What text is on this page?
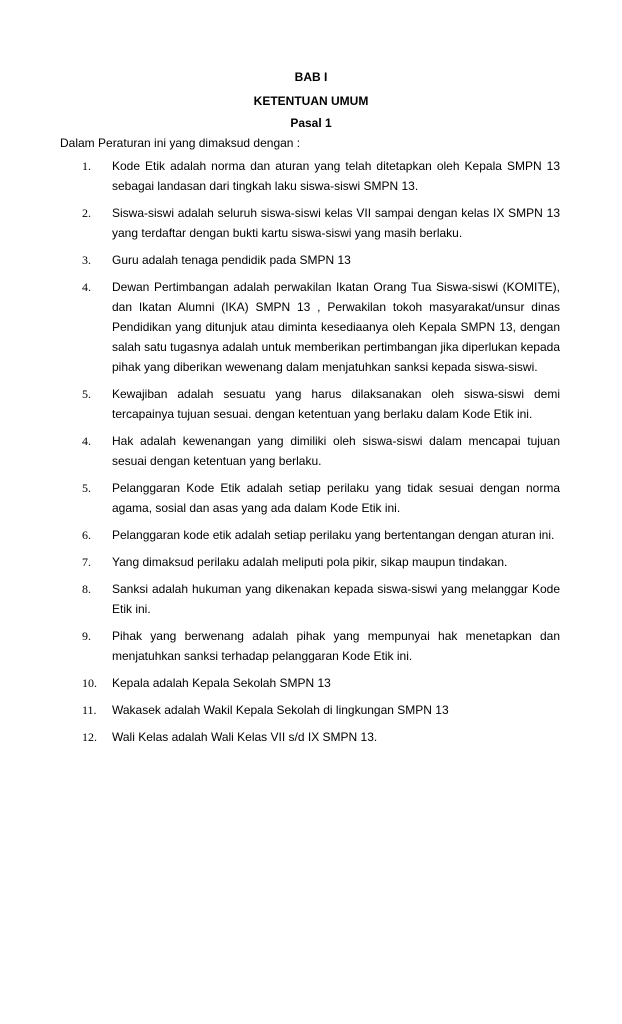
BAB I
KETENTUAN UMUM
Pasal 1
Dalam Peraturan ini yang dimaksud dengan :
1.	Kode Etik adalah norma dan aturan yang telah ditetapkan oleh Kepala SMPN 13 sebagai landasan dari tingkah laku siswa-siswi SMPN 13.
2.	Siswa-siswi adalah seluruh siswa-siswi kelas VII sampai dengan kelas IX SMPN 13 yang terdaftar dengan bukti kartu siswa-siswi yang masih berlaku.
3.	Guru adalah tenaga pendidik pada SMPN 13
4.	Dewan Pertimbangan adalah perwakilan Ikatan Orang Tua Siswa-siswi (KOMITE), dan Ikatan Alumni (IKA) SMPN 13 , Perwakilan tokoh masyarakat/unsur dinas Pendidikan yang ditunjuk atau diminta kesediaanya oleh Kepala SMPN 13, dengan salah satu tugasnya adalah untuk memberikan pertimbangan jika diperlukan kepada pihak yang diberikan wewenang dalam menjatuhkan sanksi kepada siswa-siswi.
5.	Kewajiban adalah sesuatu yang harus dilaksanakan oleh siswa-siswi demi tercapainya tujuan sesuai. dengan ketentuan yang berlaku dalam Kode Etik ini.
4.	Hak adalah kewenangan yang dimiliki oleh siswa-siswi dalam mencapai tujuan sesuai dengan ketentuan yang berlaku.
5.	Pelanggaran Kode Etik adalah setiap perilaku yang tidak sesuai dengan norma agama, sosial dan asas yang ada dalam Kode Etik ini.
6.	Pelanggaran kode etik adalah setiap perilaku yang bertentangan dengan aturan ini.
7.	Yang dimaksud perilaku adalah meliputi pola pikir, sikap maupun tindakan.
8.	Sanksi adalah hukuman yang dikenakan kepada siswa-siswi yang melanggar Kode Etik ini.
9.	Pihak yang berwenang adalah pihak yang mempunyai hak menetapkan dan menjatuhkan sanksi terhadap pelanggaran Kode Etik ini.
10.	Kepala adalah Kepala Sekolah SMPN 13
11.	Wakasek adalah Wakil Kepala Sekolah di lingkungan SMPN 13
12.	Wali Kelas adalah Wali Kelas VII s/d IX SMPN 13.
